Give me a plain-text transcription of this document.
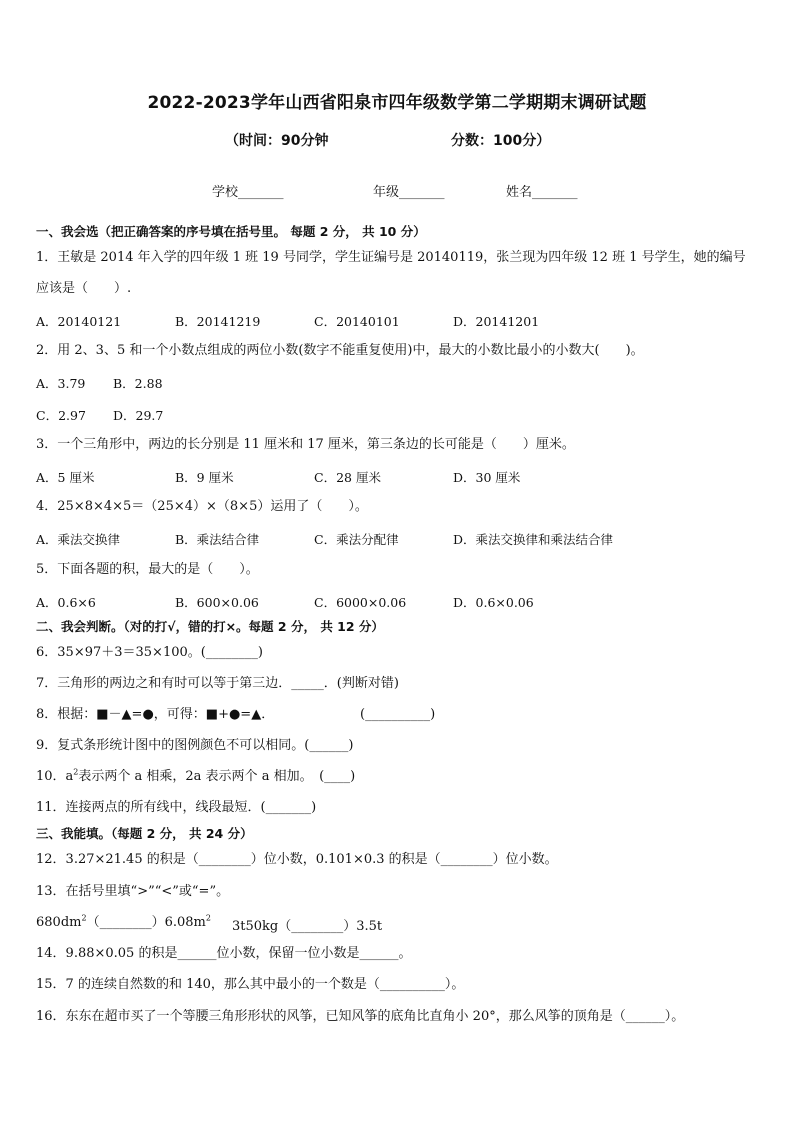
2022-2023学年山西省阳泉市四年级数学第二学期期末调研试题
（时间：90分钟	分数：100分）
学校_______	年级_______	姓名_______
一、我会选（把正确答案的序号填在括号里。 每题 2 分， 共 10 分）
1．王敏是 2014 年入学的四年级 1 班 19 号同学，学生证编号是 20140119，张兰现为四年级 12 班 1 号学生，她的编号
应该是（　　）.
A．20140121	B．20141219	C．20140101	D．20141201
2．用 2、3、5 和一个小数点组成的两位小数(数字不能重复使用)中，最大的小数比最小的小数大(　　)。
A．3.79 B．2.88
C．2.97 D．29.7
3．一个三角形中，两边的长分别是 11 厘米和 17 厘米，第三条边的长可能是（　　）厘米。
A．5 厘米	B．9 厘米	C．28 厘米	D．30 厘米
4．25×8×4×5＝（25×4）×（8×5）运用了（　　）。
A．乘法交换律	B．乘法结合律	C．乘法分配律	D．乘法交换律和乘法结合律
5．下面各题的积，最大的是（　　）。
A．0.6×6	B．600×0.06	C．6000×0.06	D．0.6×0.06
二、我会判断。（对的打√，错的打×。每题 2 分， 共 12 分）
6．35×97＋3＝35×100。(________)
7．三角形的两边之和有时可以等于第三边．_____．(判断对错)
8．根据：■－▲=●，可得：■+●=▲．	(__________)
9．复式条形统计图中的图例颜色不可以相同。(______)
10．$a^2$表示两个 a 相乘，2a 表示两个 a 相加。　(____)
11．连接两点的所有线中，线段最短．(_______)
三、我能填。（每题 2 分， 共 24 分）
12．3.27×21.45 的积是（________）位小数，0.101×0.3 的积是（________）位小数。
13．在括号里填“>”“<”或“=”。
$680dm^2(\_\_\_\_\_\_\_\_)6.08m^2$
3t50kg（________）3.5t
14．9.88×0.05 的积是______位小数，保留一位小数是______。
15．7 的连续自然数的和 140，那么其中最小的一个数是（__________）。
16．东东在超市买了一个等腰三角形形状的风筝，已知风筝的底角比直角小 20°，那么风筝的顶角是（______）。
